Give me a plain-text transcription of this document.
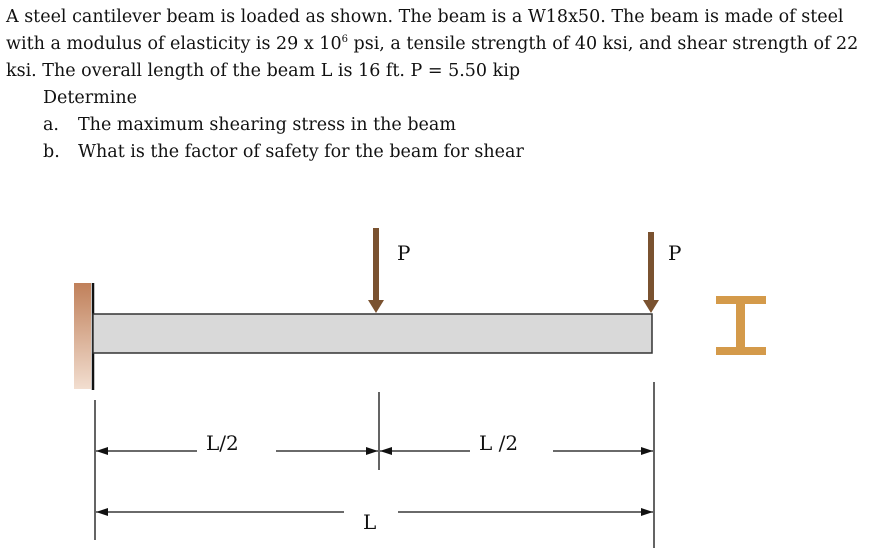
A steel cantilever beam is loaded as shown. The beam is a W18x50. The beam is made of steel with a modulus of elasticity is 29 x $10^6$ psi, a tensile strength of 40 ksi, and shear strength of 22 ksi. The overall length of the beam L is 16 ft. P = 5.50 kip

Determine

a.	The maximum shearing stress in the beam
b.	What is the factor of safety for the beam for shear
P	P
L/2	L /2
L
